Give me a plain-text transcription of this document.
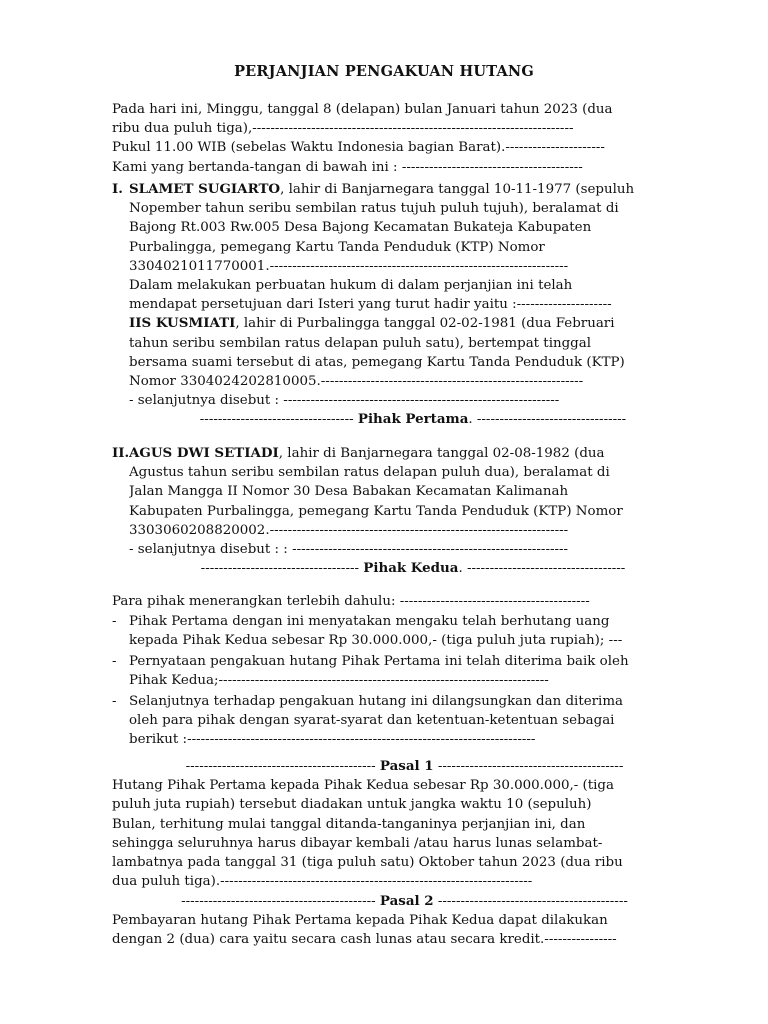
PERJANJIAN PENGAKUAN HUTANG
Pada hari ini, Minggu, tanggal 8 (delapan) bulan Januari tahun 2023 (dua
ribu dua puluh tiga),-----------------------------------------------------------------------
Pukul 11.00 WIB (sebelas Waktu Indonesia bagian Barat).----------------------
Kami yang bertanda-tangan di bawah ini : ----------------------------------------
I. SLAMET SUGIARTO, lahir di Banjarnegara tanggal 10-11-1977 (sepuluh
Nopember tahun seribu sembilan ratus tujuh puluh tujuh), beralamat di
Bajong Rt.003 Rw.005 Desa Bajong Kecamatan Bukateja Kabupaten
Purbalingga, pemegang Kartu Tanda Penduduk (KTP) Nomor
3304021011770001.------------------------------------------------------------------
Dalam melakukan perbuatan hukum di dalam perjanjian ini telah
mendapat persetujuan dari Isteri yang turut hadir yaitu :---------------------
IIS KUSMIATI, lahir di Purbalingga tanggal 02-02-1981 (dua Februari
tahun seribu sembilan ratus delapan puluh satu), bertempat tinggal
bersama suami tersebut di atas, pemegang Kartu Tanda Penduduk (KTP)
Nomor 3304024202810005.----------------------------------------------------------
- selanjutnya disebut : -------------------------------------------------------------
---------------------------------- Pihak Pertama. ---------------------------------
II. AGUS DWI SETIADI, lahir di Banjarnegara tanggal 02-08-1982 (dua
Agustus tahun seribu sembilan ratus delapan puluh dua), beralamat di
Jalan Mangga II Nomor 30 Desa Babakan Kecamatan Kalimanah
Kabupaten Purbalingga, pemegang Kartu Tanda Penduduk (KTP) Nomor
3303060208820002.------------------------------------------------------------------
- selanjutnya disebut : : -------------------------------------------------------------
----------------------------------- Pihak Kedua. -----------------------------------
Para pihak menerangkan terlebih dahulu: ------------------------------------------
- Pihak Pertama dengan ini menyatakan mengaku telah berhutang uang
kepada Pihak Kedua sebesar Rp 30.000.000,- (tiga puluh juta rupiah); ---
- Pernyataan pengakuan hutang Pihak Pertama ini telah diterima baik oleh
Pihak Kedua;-------------------------------------------------------------------------
- Selanjutnya terhadap pengakuan hutang ini dilangsungkan dan diterima
oleh para pihak dengan syarat-syarat dan ketentuan-ketentuan sebagai
berikut :-----------------------------------------------------------------------------
------------------------------------------ Pasal 1 -----------------------------------------
Hutang Pihak Pertama kepada Pihak Kedua sebesar Rp 30.000.000,- (tiga
puluh juta rupiah) tersebut diadakan untuk jangka waktu 10 (sepuluh)
Bulan, terhitung mulai tanggal ditanda-tanganinya perjanjian ini, dan
sehingga seluruhnya harus dibayar kembali /atau harus lunas selambat-
lambatnya pada tanggal 31 (tiga puluh satu) Oktober tahun 2023 (dua ribu
dua puluh tiga).---------------------------------------------------------------------
------------------------------------------- Pasal 2 ------------------------------------------
Pembayaran hutang Pihak Pertama kepada Pihak Kedua dapat dilakukan
dengan 2 (dua) cara yaitu secara cash lunas atau secara kredit.----------------
